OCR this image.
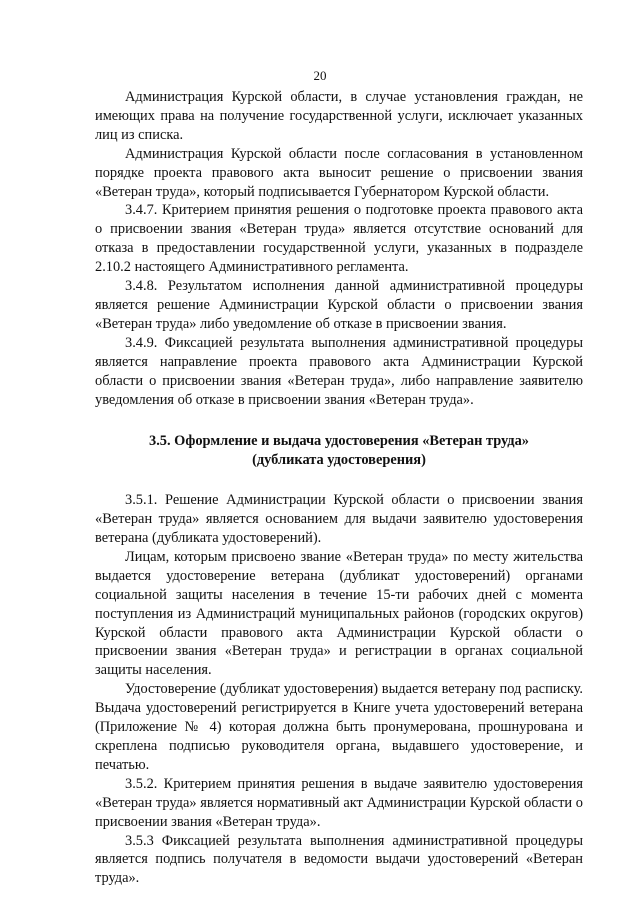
20

Администрация Курской области, в случае установления граждан, не имеющих права на получение государственной услуги, исключает указанных лиц из списка.

Администрация Курской области после согласования в установленном порядке проекта правового акта выносит решение о присвоении звания «Ветеран труда», который подписывается Губернатором Курской области.

3.4.7. Критерием принятия решения о подготовке проекта правового акта о присвоении звания «Ветеран труда» является отсутствие оснований для отказа в предоставлении государственной услуги, указанных в подразделе 2.10.2 настоящего Административного регламента.

3.4.8. Результатом исполнения данной административной процедуры является решение Администрации Курской области о присвоении звания «Ветеран труда» либо уведомление об отказе в присвоении звания.

3.4.9. Фиксацией результата выполнения административной процедуры является направление проекта правового акта Администрации Курской области о присвоении звания «Ветеран труда», либо направление заявителю уведомления об отказе в присвоении звания «Ветеран труда».

3.5. Оформление и выдача удостоверения «Ветеран труда»
(дубликата удостоверения)

3.5.1. Решение Администрации Курской области о присвоении звания «Ветеран труда» является основанием для выдачи заявителю удостоверения ветерана (дубликата удостоверений).

Лицам, которым присвоено звание «Ветеран труда» по месту жительства выдается удостоверение ветерана (дубликат удостоверений) органами социальной защиты населения в течение 15-ти рабочих дней с момента поступления из Администраций муниципальных районов (городских округов) Курской области правового акта Администрации Курской области о присвоении звания «Ветеран труда» и регистрации в органах социальной защиты населения.

Удостоверение (дубликат удостоверения) выдается ветерану под расписку. Выдача удостоверений регистрируется в Книге учета удостоверений ветерана (Приложение № 4) которая должна быть пронумерована, прошнурована и скреплена подписью руководителя органа, выдавшего удостоверение, и печатью.

3.5.2. Критерием принятия решения в выдаче заявителю удостоверения «Ветеран труда» является нормативный акт Администрации Курской области о присвоении звания «Ветеран труда».

3.5.3 Фиксацией результата выполнения административной процедуры является подпись получателя в ведомости выдачи удостоверений «Ветеран труда».
